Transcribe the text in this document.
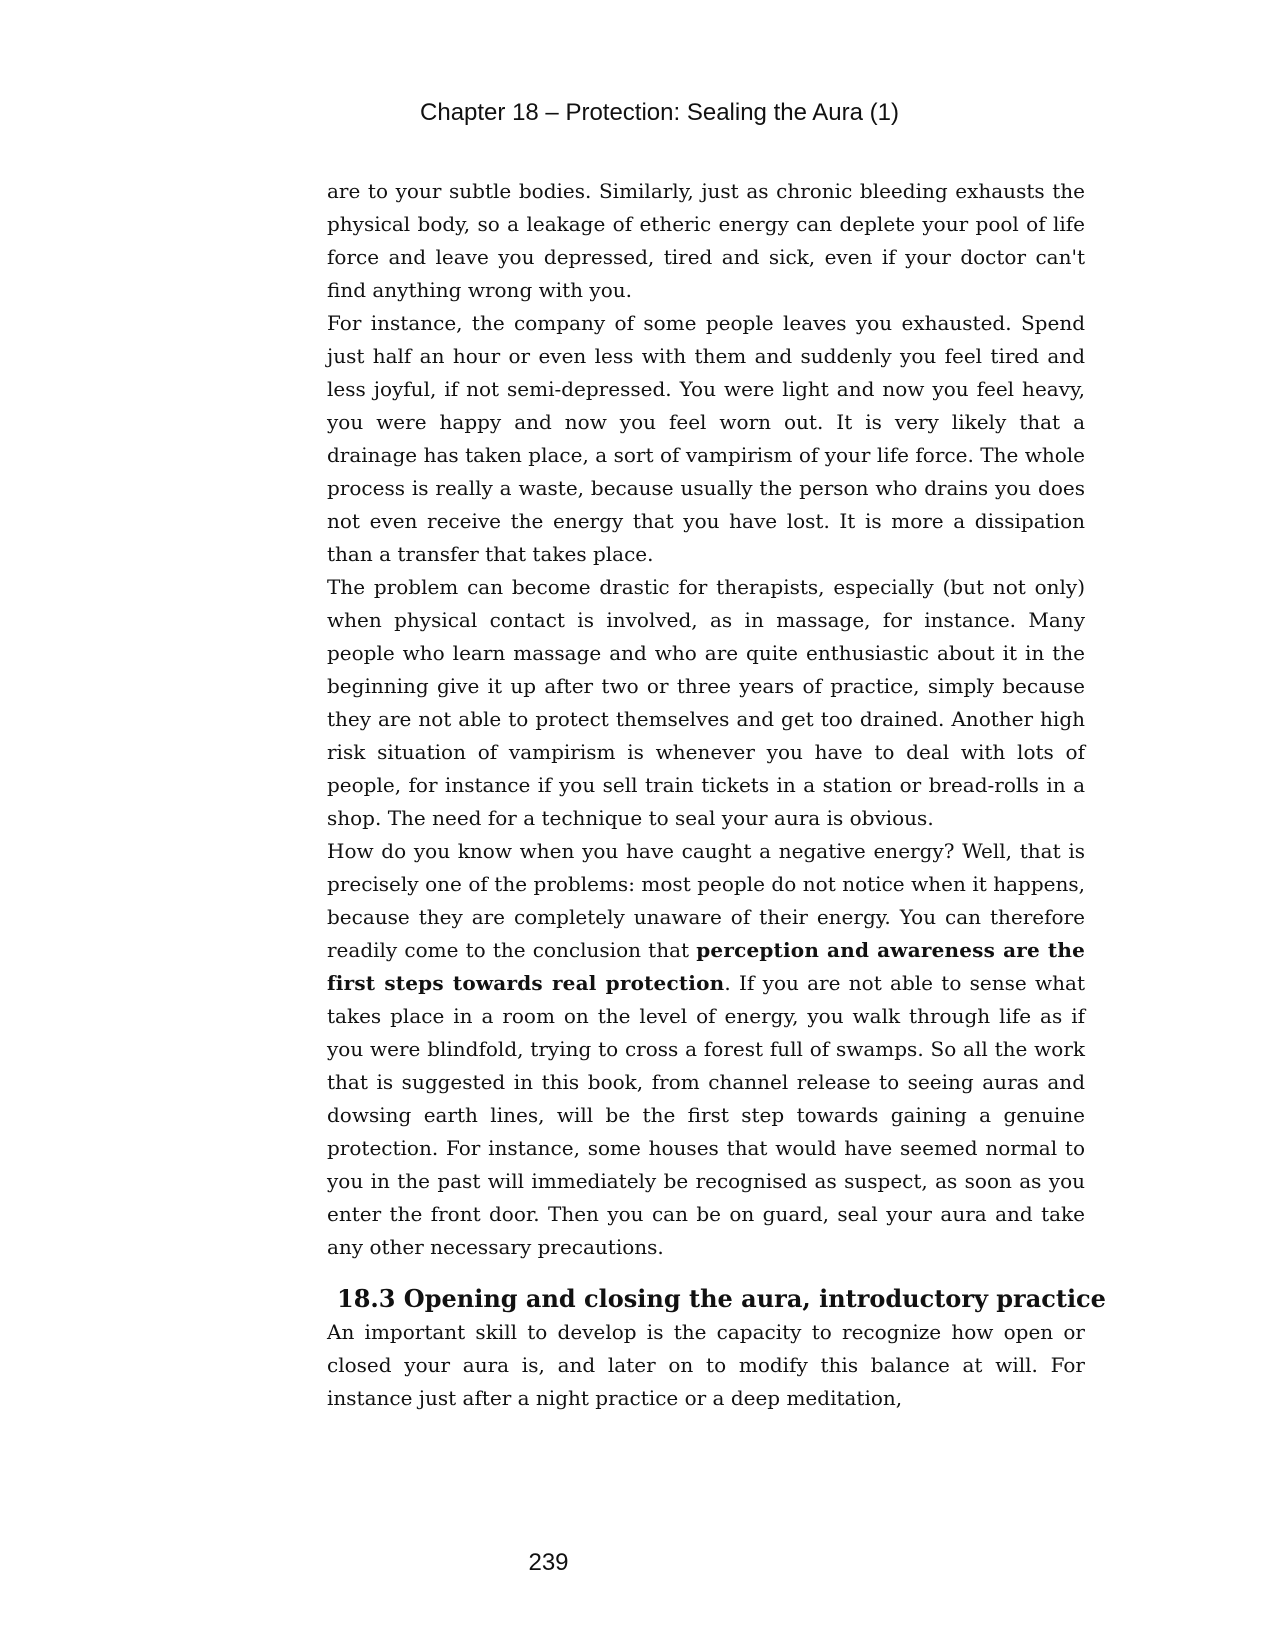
Chapter 18 – Protection: Sealing the Aura (1)

are to your subtle bodies. Similarly, just as chronic bleeding exhausts the physical body, so a leakage of etheric energy can deplete your pool of life force and leave you depressed, tired and sick, even if your doctor can't find anything wrong with you.

For instance, the company of some people leaves you exhausted. Spend just half an hour or even less with them and suddenly you feel tired and less joyful, if not semi-depressed. You were light and now you feel heavy, you were happy and now you feel worn out. It is very likely that a drainage has taken place, a sort of vampirism of your life force. The whole process is really a waste, because usually the person who drains you does not even receive the energy that you have lost. It is more a dissipation than a transfer that takes place.

The problem can become drastic for therapists, especially (but not only) when physical contact is involved, as in massage, for instance. Many people who learn massage and who are quite enthusiastic about it in the beginning give it up after two or three years of practice, simply because they are not able to protect themselves and get too drained. Another high risk situation of vampirism is whenever you have to deal with lots of people, for instance if you sell train tickets in a station or bread-rolls in a shop. The need for a technique to seal your aura is obvious.

How do you know when you have caught a negative energy? Well, that is precisely one of the problems: most people do not notice when it happens, because they are completely unaware of their energy. You can therefore readily come to the conclusion that perception and awareness are the first steps towards real protection. If you are not able to sense what takes place in a room on the level of energy, you walk through life as if you were blindfold, trying to cross a forest full of swamps. So all the work that is suggested in this book, from channel release to seeing auras and dowsing earth lines, will be the first step towards gaining a genuine protection. For instance, some houses that would have seemed normal to you in the past will immediately be recognised as suspect, as soon as you enter the front door. Then you can be on guard, seal your aura and take any other necessary precautions.

18.3 Opening and closing the aura, introductory practice

An important skill to develop is the capacity to recognize how open or closed your aura is, and later on to modify this balance at will. For instance just after a night practice or a deep meditation,

239
